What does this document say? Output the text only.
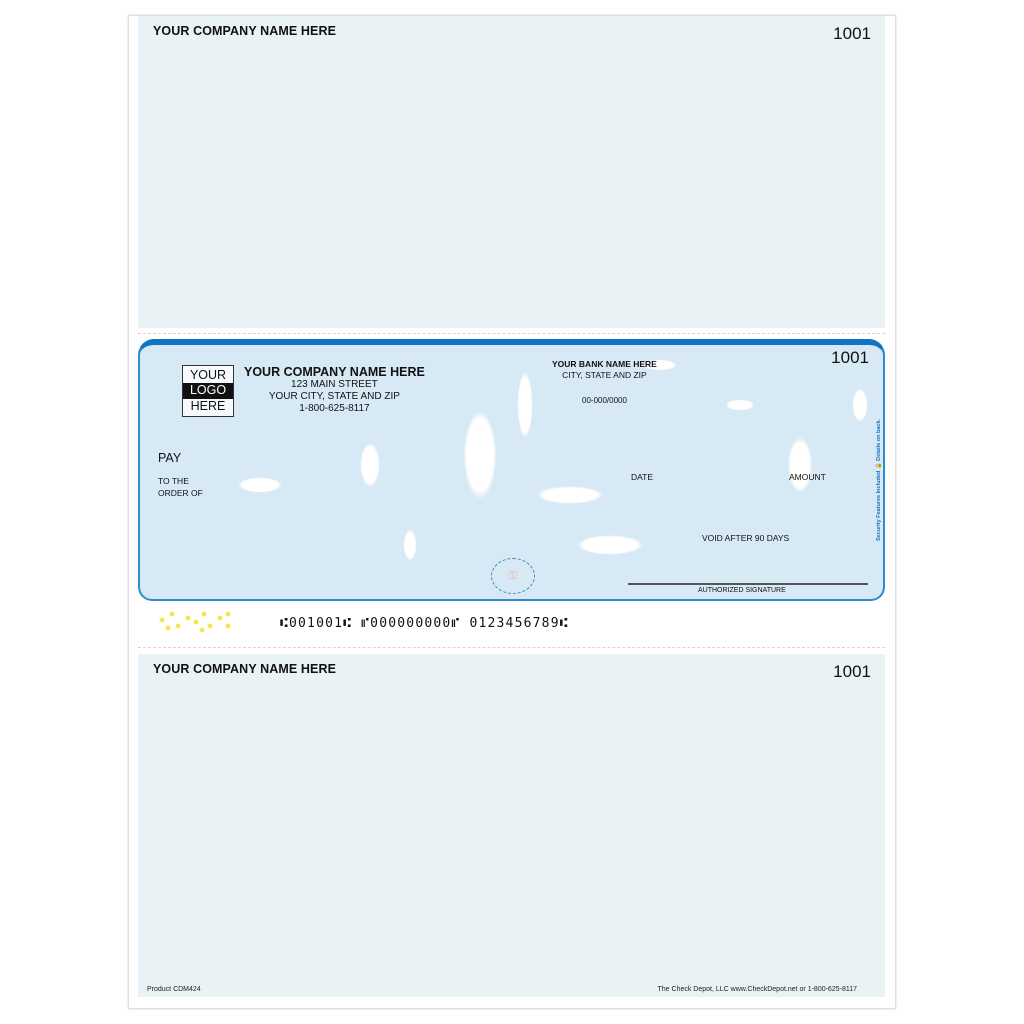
YOUR COMPANY NAME HERE	1001
THE FACE OF THIS DOCUMENT HAS A COLORED BACKGROUND ON WHITE PAPER
YOUR
LOGO
HERE
YOUR COMPANY NAME HERE
123 MAIN STREET
YOUR CITY, STATE AND ZIP
1-800-625-8117
YOUR BANK NAME HERE
CITY, STATE AND ZIP
00-000/0000
1001
PAY
TO THE
ORDER OF
DATE	AMOUNT
VOID AFTER 90 DAYS
⚿
AUTHORIZED SIGNATURE
Security Features Included 🔒 Details on back.
⑆001001⑆ ⑈000000000⑈ 0123456789⑆
YOUR COMPANY NAME HERE	1001
Product CDM424	The Check Depot, LLC www.CheckDepot.net or 1-800-625-8117
